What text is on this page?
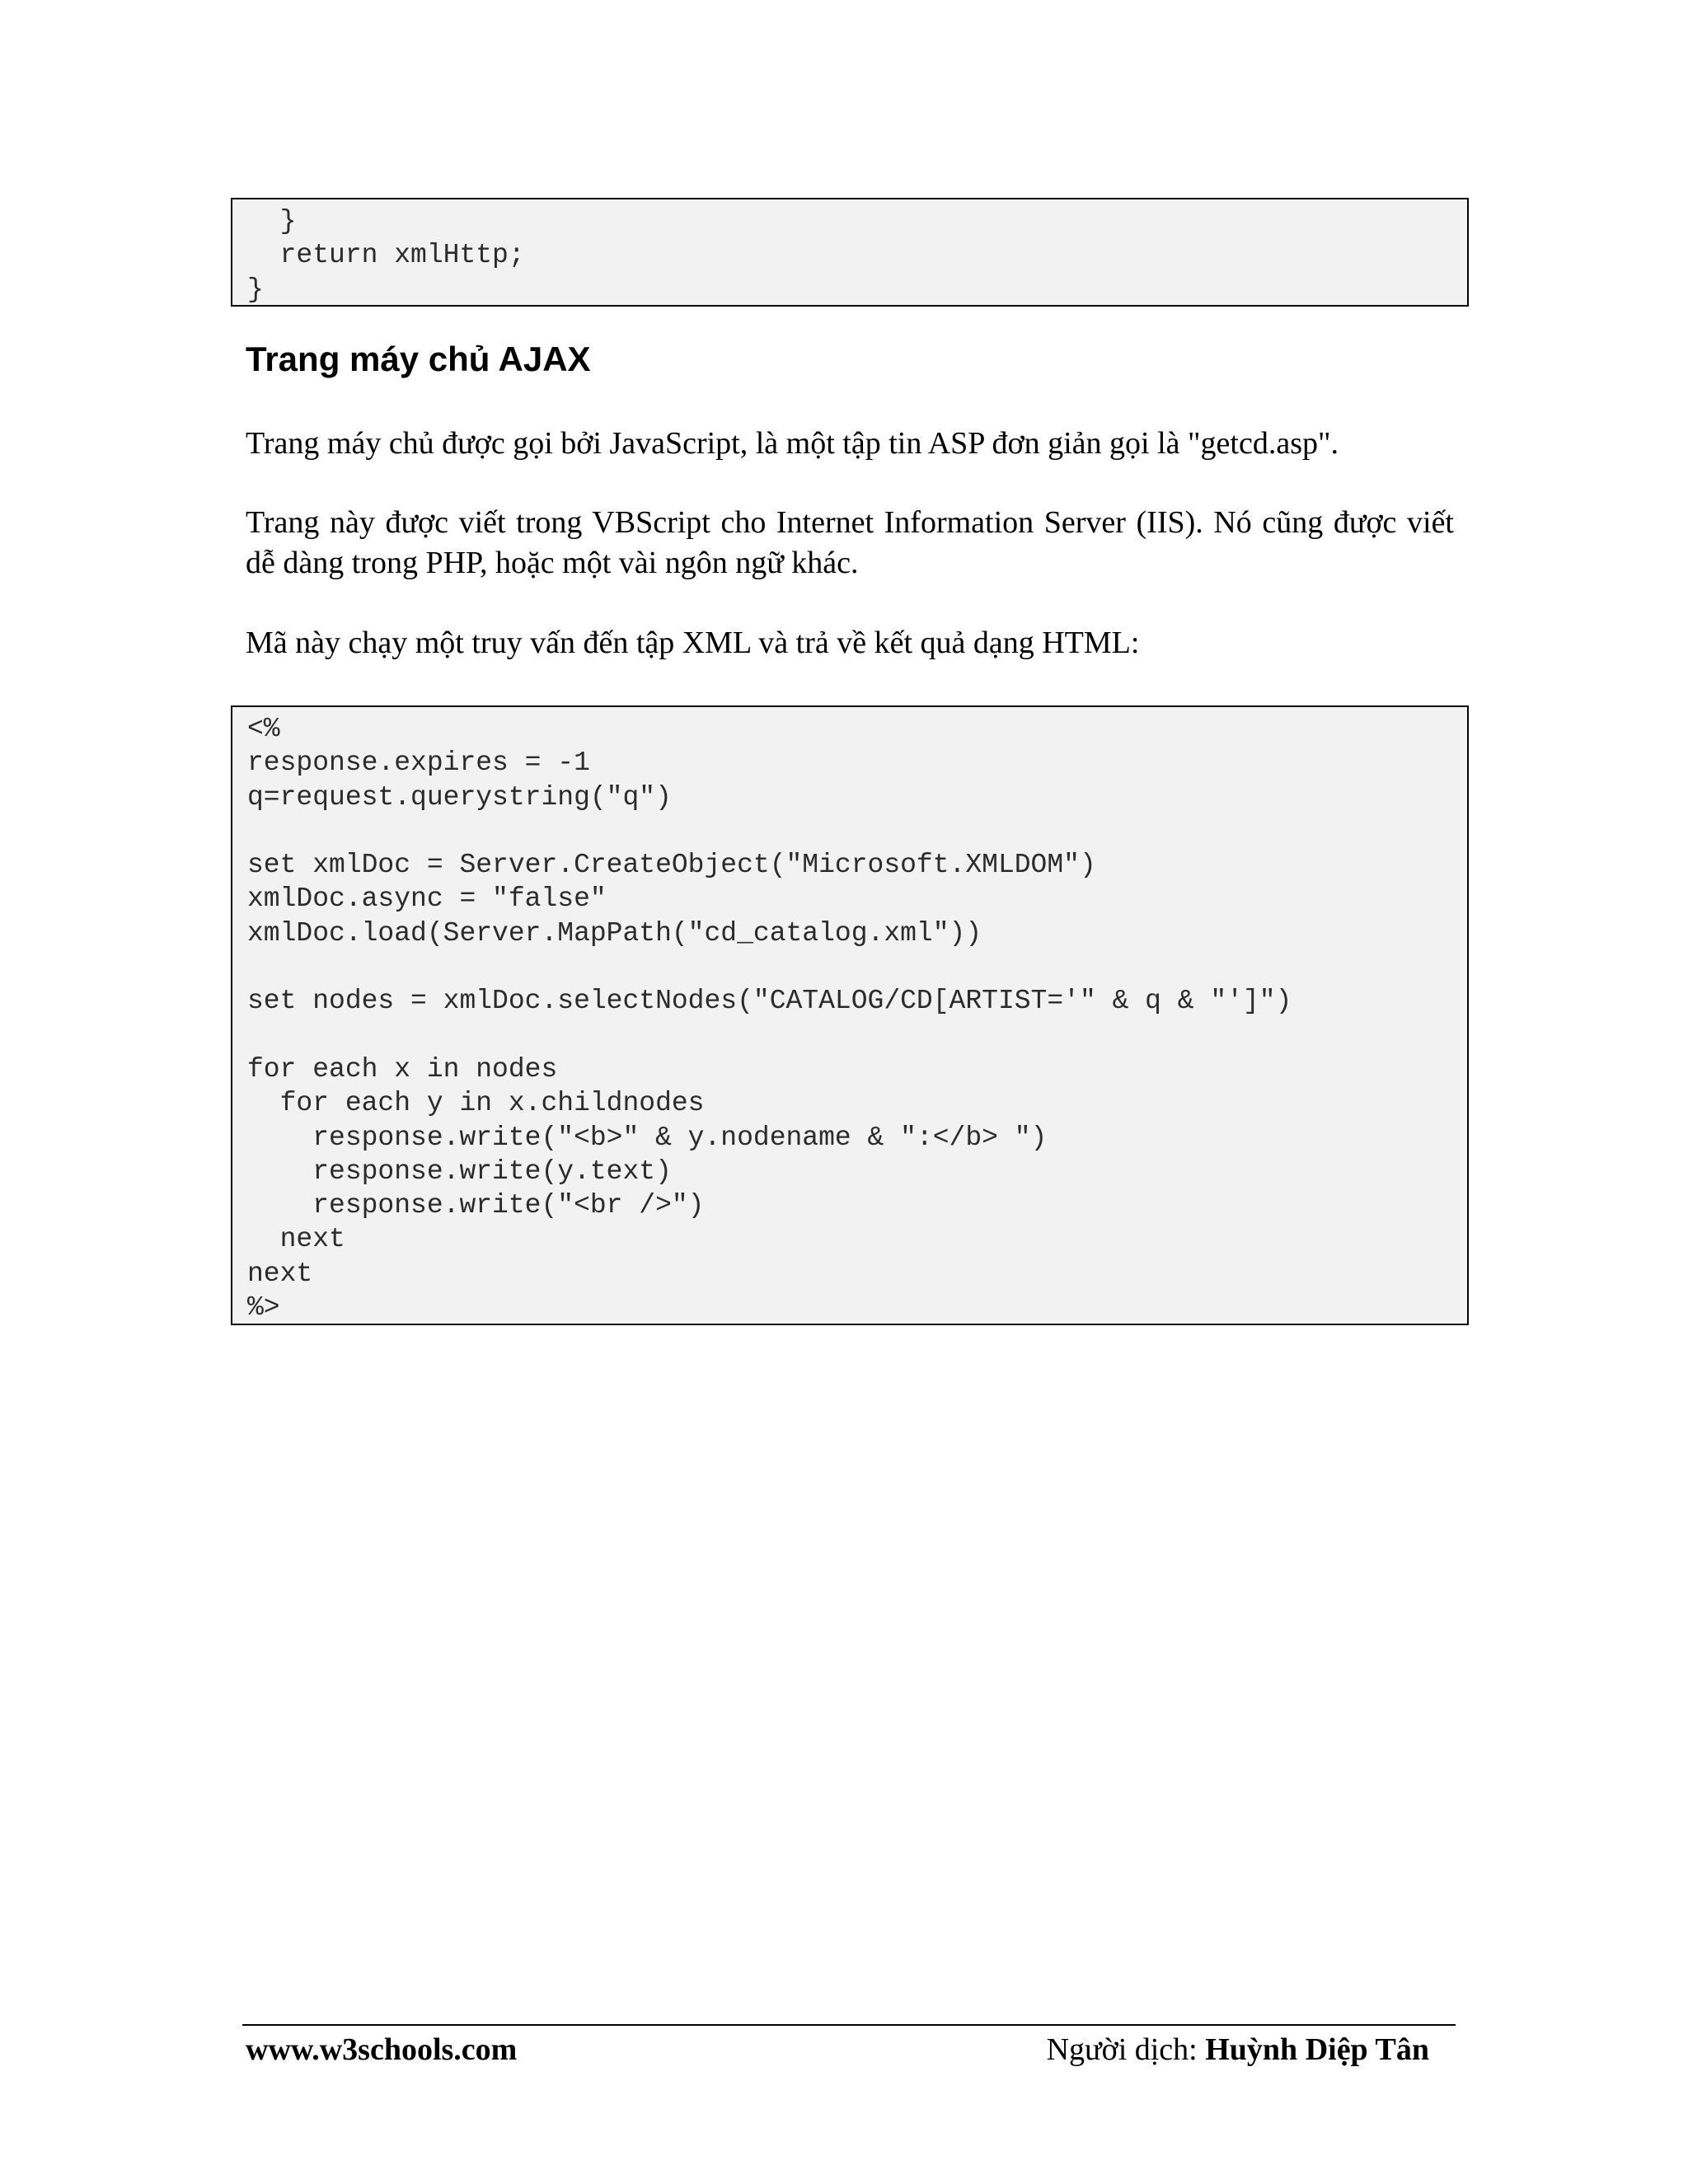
}
return xmlHttp;
}
Trang máy chủ AJAX

Trang máy chủ được gọi bởi JavaScript, là một tập tin ASP đơn giản gọi là "getcd.asp".

Trang này được viết trong VBScript cho Internet Information Server (IIS). Nó cũng được viết dễ dàng trong PHP, hoặc một vài ngôn ngữ khác.

Mã này chạy một truy vấn đến tập XML và trả về kết quả dạng HTML:

<%
response.expires = -1
q=request.querystring("q")

set xmlDoc = Server.CreateObject("Microsoft.XMLDOM")
xmlDoc.async = "false"
xmlDoc.load(Server.MapPath("cd_catalog.xml"))

set nodes = xmlDoc.selectNodes("CATALOG/CD[ARTIST='" & q & "']")

for each x in nodes
for each y in x.childnodes
response.write("<b>" & y.nodename & ":</b> ")
response.write(y.text)
response.write("<br />")
next
next
%>
www.w3schools.com	Người dịch: Huỳnh Diệp Tân
